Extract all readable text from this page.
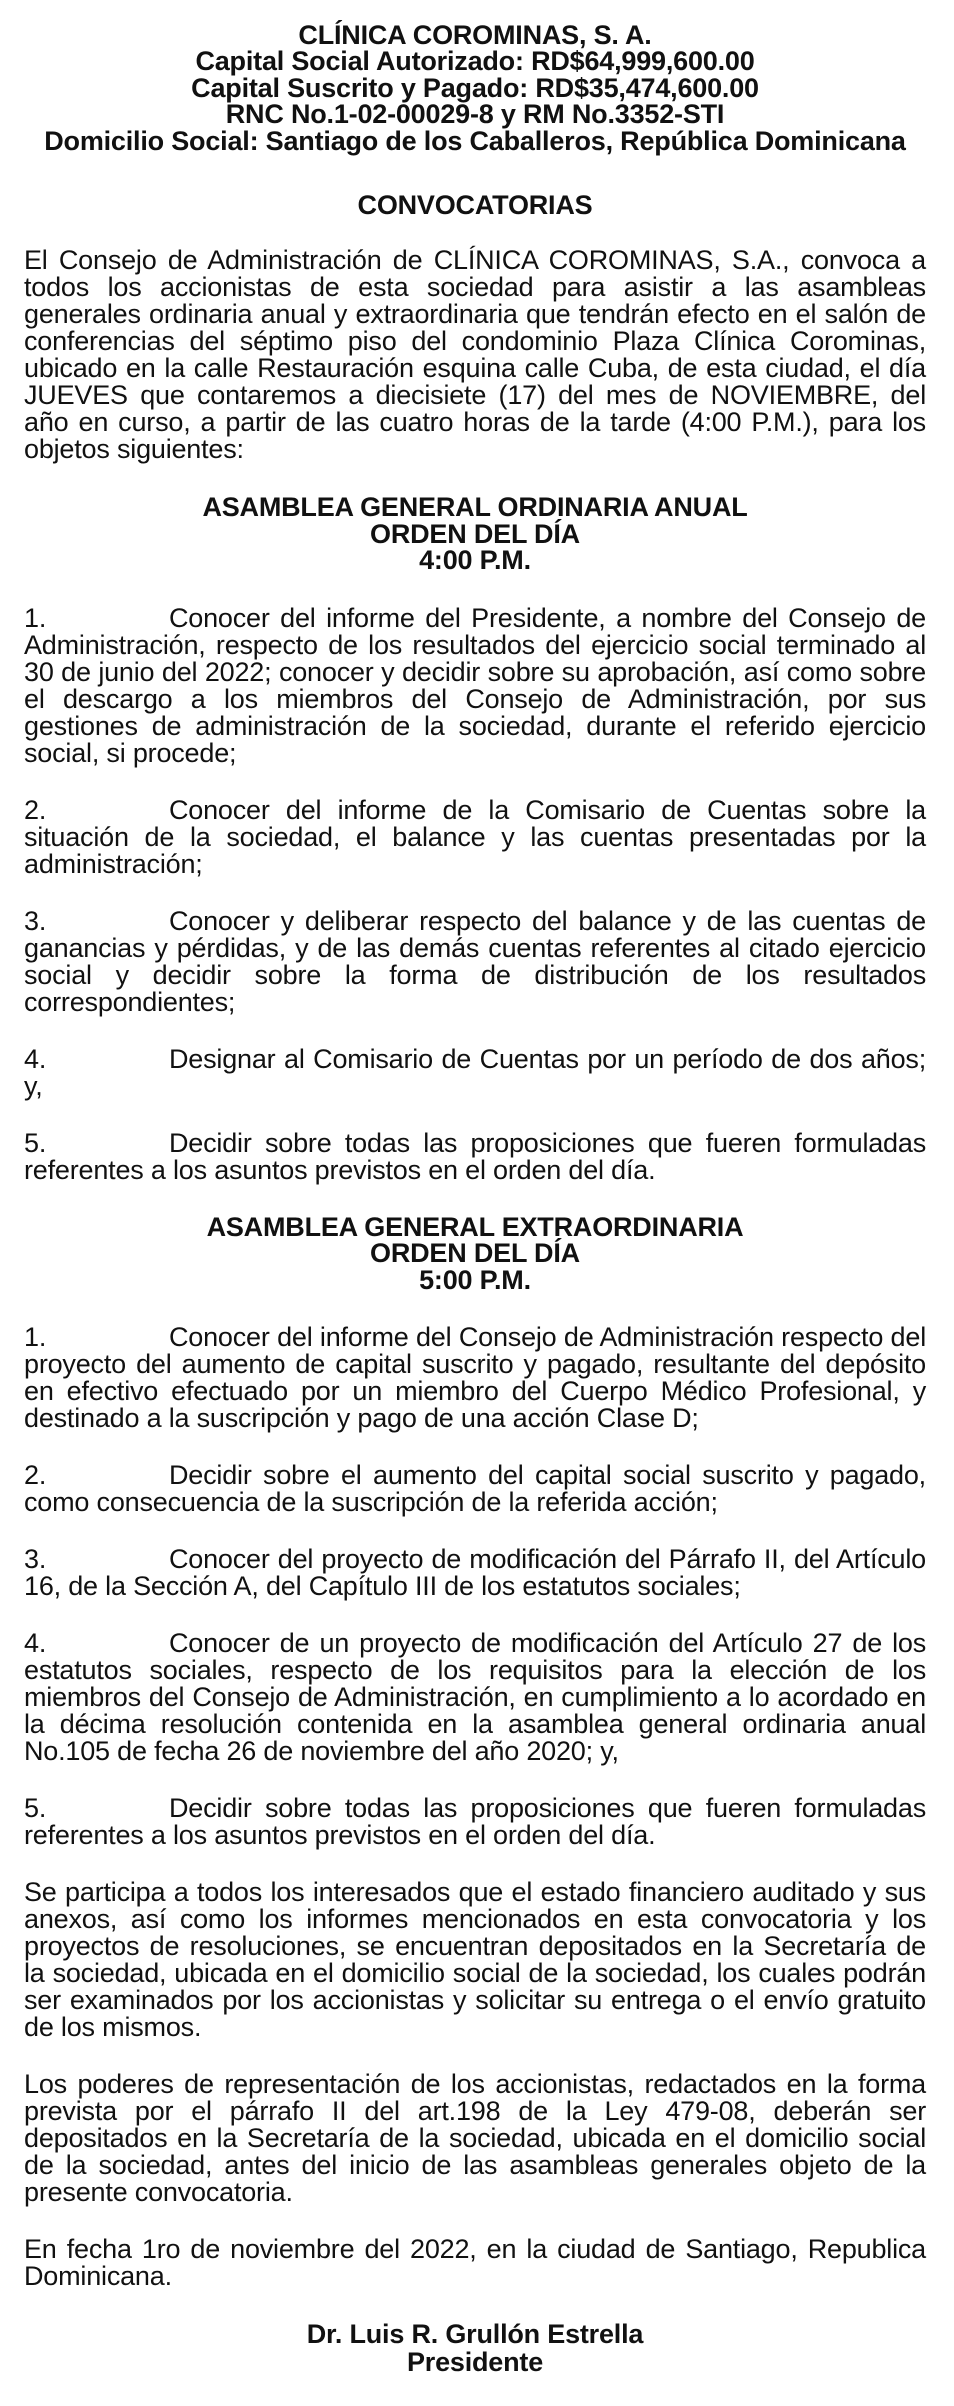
CLÍNICA COROMINAS, S. A.
Capital Social Autorizado: RD$64,999,600.00
Capital Suscrito y Pagado: RD$35,474,600.00
RNC No.1-02-00029-8 y RM No.3352-STI
Domicilio Social: Santiago de los Caballeros, República Dominicana
CONVOCATORIAS

El Consejo de Administración de CLÍNICA COROMINAS, S.A., convoca a todos los accionistas de esta sociedad para asistir a las asambleas generales ordinaria anual y extraordinaria que tendrán efecto en el salón de conferencias del séptimo piso del condominio Plaza Clínica Corominas, ubicado en la calle Restauración esquina calle Cuba, de esta ciudad, el día JUEVES que contaremos a diecisiete (17) del mes de NOVIEMBRE, del año en curso, a partir de las cuatro horas de la tarde (4:00 P.M.), para los objetos siguientes:

ASAMBLEA GENERAL ORDINARIA ANUAL
ORDEN DEL DÍA
4:00 P.M.
1.	Conocer del informe del Presidente, a nombre del Consejo de Administración, respecto de los resultados del ejercicio social terminado al 30 de junio del 2022; conocer y decidir sobre su aprobación, así como sobre el descargo a los miembros del Consejo de Administración, por sus gestiones de administración de la sociedad, durante el referido ejercicio social, si procede;
2.	Conocer del informe de la Comisario de Cuentas sobre la situación de la sociedad, el balance y las cuentas presentadas por la administración;
3.	Conocer y deliberar respecto del balance y de las cuentas de ganancias y pérdidas, y de las demás cuentas referentes al citado ejercicio social y decidir sobre la forma de distribución de los resultados correspondientes;
4.	Designar al Comisario de Cuentas por un período de dos años; y,
5.	Decidir sobre todas las proposiciones que fueren formuladas referentes a los asuntos previstos en el orden del día.
ASAMBLEA GENERAL EXTRAORDINARIA
ORDEN DEL DÍA
5:00 P.M.
1.	Conocer del informe del Consejo de Administración respecto del proyecto del aumento de capital suscrito y pagado, resultante del depósito en efectivo efectuado por un miembro del Cuerpo Médico Profesional, y destinado a la suscripción y pago de una acción Clase D;
2.	Decidir sobre el aumento del capital social suscrito y pagado, como consecuencia de la suscripción de la referida acción;
3.	Conocer del proyecto de modificación del Párrafo II, del Artículo 16, de la Sección A, del Capítulo III de los estatutos sociales;
4.	Conocer de un proyecto de modificación del Artículo 27 de los estatutos sociales, respecto de los requisitos para la elección de los miembros del Consejo de Administración, en cumplimiento a lo acordado en la décima resolución contenida en la asamblea general ordinaria anual No.105 de fecha 26 de noviembre del año 2020; y,
5.	Decidir sobre todas las proposiciones que fueren formuladas referentes a los asuntos previstos en el orden del día.

Se participa a todos los interesados que el estado financiero auditado y sus anexos, así como los informes mencionados en esta convocatoria y los proyectos de resoluciones, se encuentran depositados en la Secretaría de la sociedad, ubicada en el domicilio social de la sociedad, los cuales podrán ser examinados por los accionistas y solicitar su entrega o el envío gratuito de los mismos.

Los poderes de representación de los accionistas, redactados en la forma prevista por el párrafo II del art.198 de la Ley 479-08, deberán ser depositados en la Secretaría de la sociedad, ubicada en el domicilio social de la sociedad, antes del inicio de las asambleas generales objeto de la presente convocatoria.

En fecha 1ro de noviembre del 2022, en la ciudad de Santiago, Republica Dominicana.

Dr. Luis R. Grullón Estrella
Presidente
